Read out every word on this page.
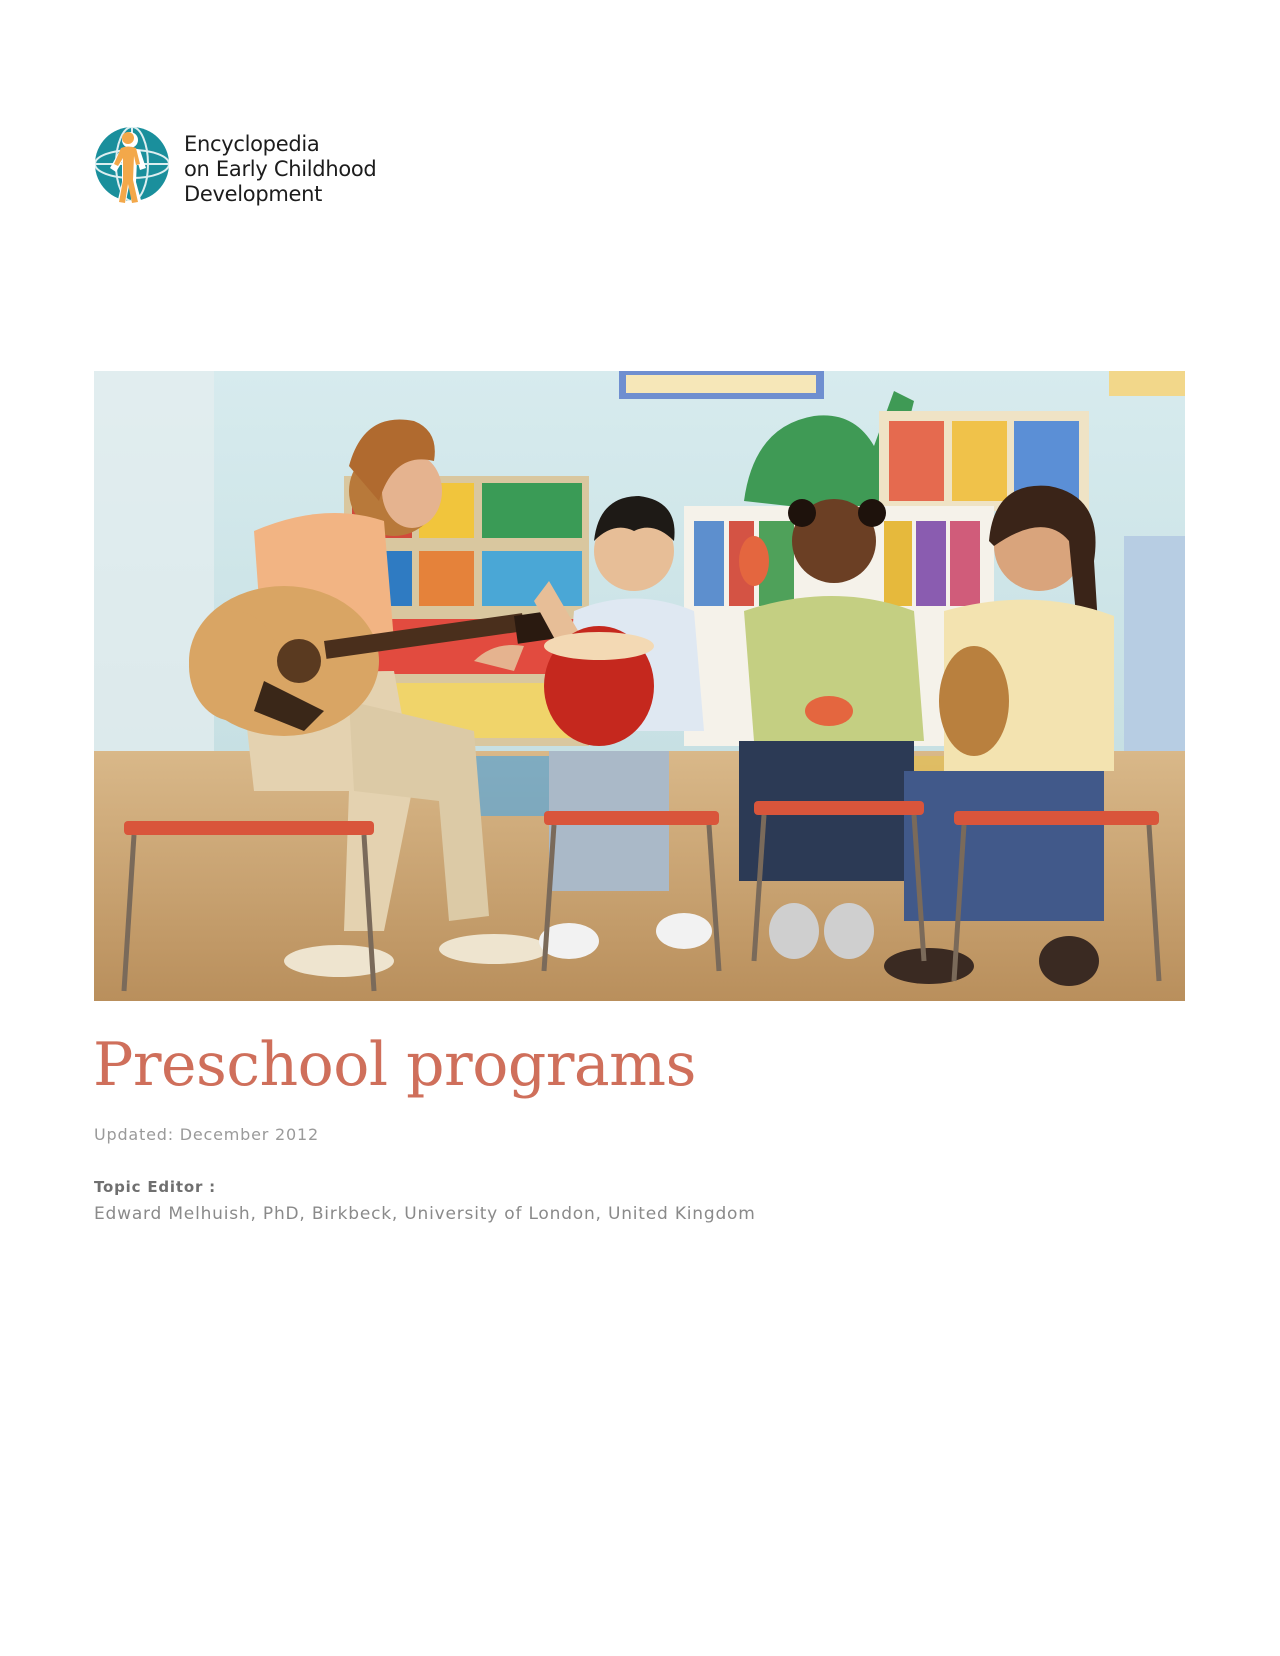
Encyclopedia
on Early Childhood
Development
Preschool programs
Updated: December 2012
Topic Editor :
Edward Melhuish, PhD, Birkbeck, University of London, United Kingdom
